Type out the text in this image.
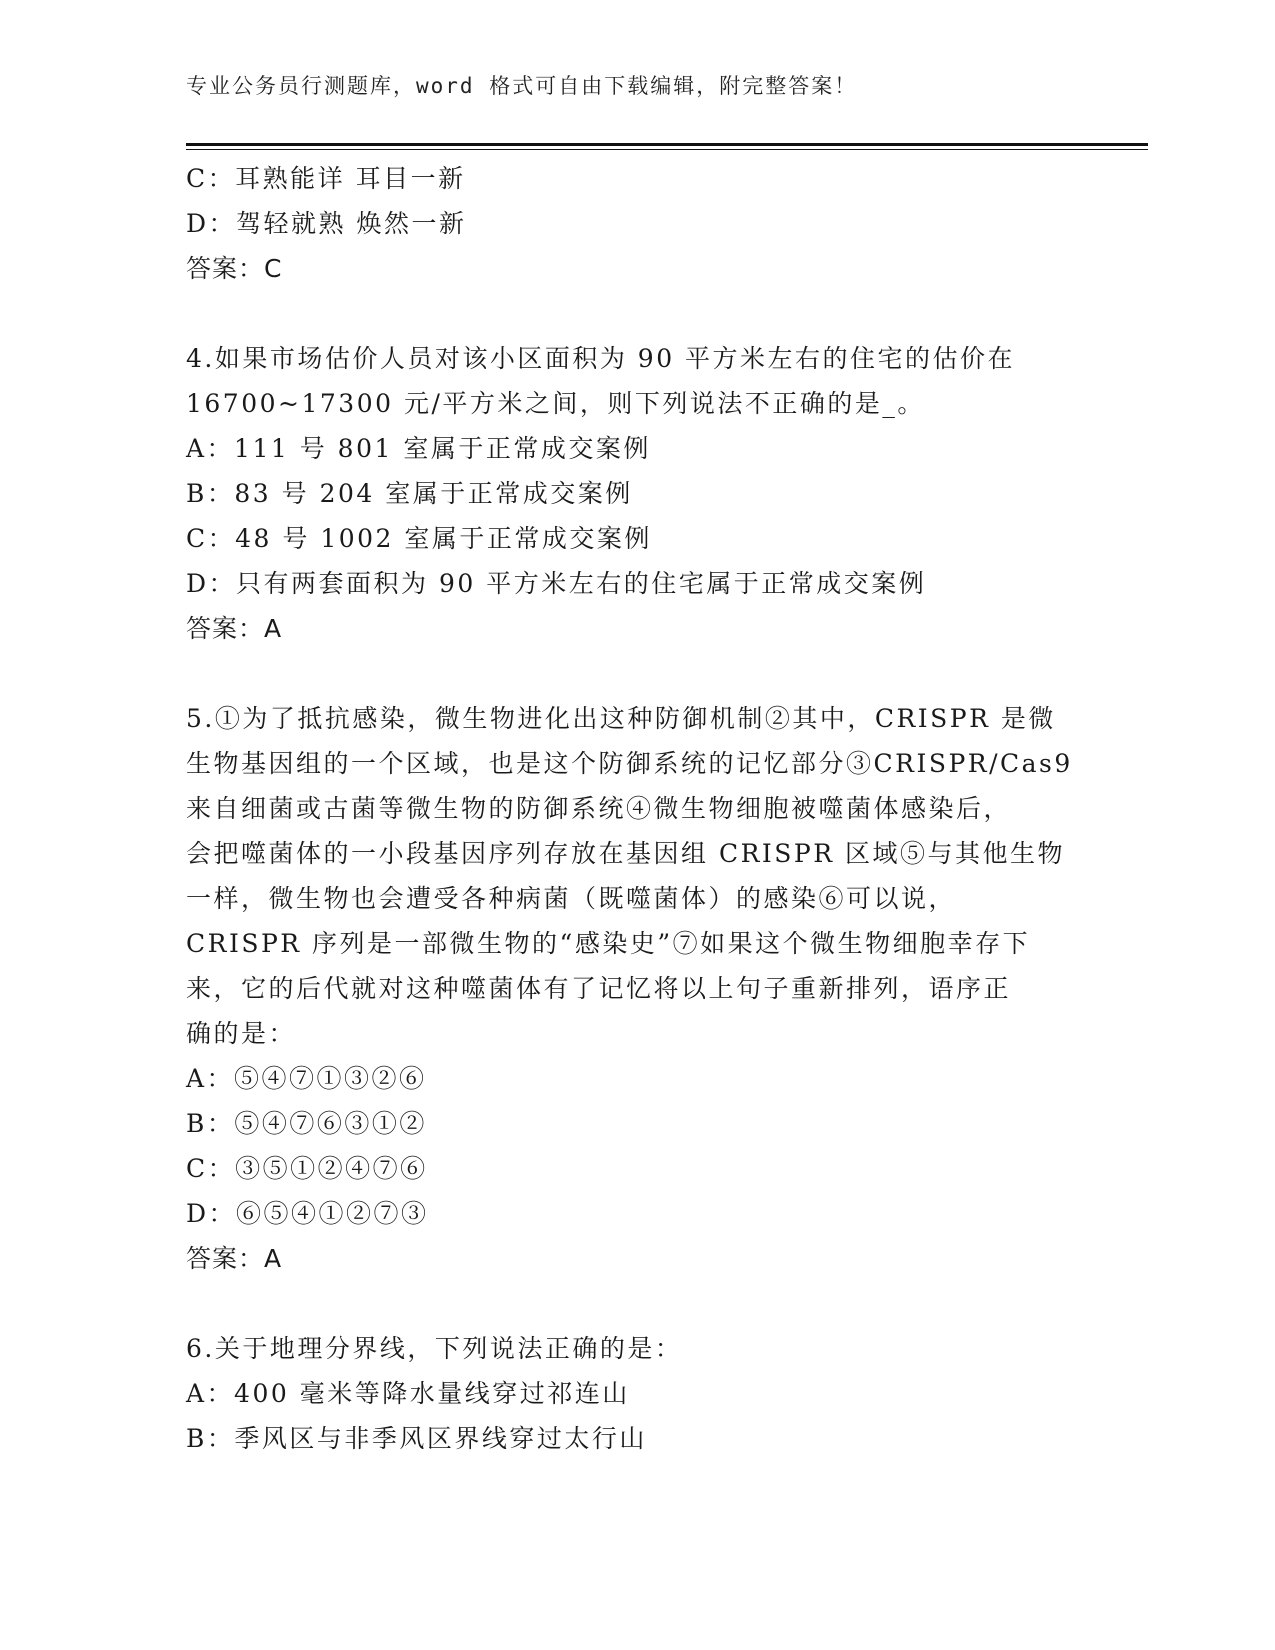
专业公务员行测题库，word 格式可自由下载编辑，附完整答案！
C：耳熟能详 耳目一新
D：驾轻就熟 焕然一新
答案：C
4.如果市场估价人员对该小区面积为 90 平方米左右的住宅的估价在
16700~17300 元/平方米之间，则下列说法不正确的是_。
A：111 号 801 室属于正常成交案例
B：83 号 204 室属于正常成交案例
C：48 号 1002 室属于正常成交案例
D：只有两套面积为 90 平方米左右的住宅属于正常成交案例
答案：A
5.①为了抵抗感染，微生物进化出这种防御机制②其中，CRISPR 是微
生物基因组的一个区域，也是这个防御系统的记忆部分③CRISPR/Cas9
来自细菌或古菌等微生物的防御系统④微生物细胞被噬菌体感染后，
会把噬菌体的一小段基因序列存放在基因组 CRISPR 区域⑤与其他生物
一样，微生物也会遭受各种病菌（既噬菌体）的感染⑥可以说，
CRISPR 序列是一部微生物的“感染史”⑦如果这个微生物细胞幸存下
来，它的后代就对这种噬菌体有了记忆将以上句子重新排列，语序正
确的是：
A：⑤④⑦①③②⑥
B：⑤④⑦⑥③①②
C：③⑤①②④⑦⑥
D：⑥⑤④①②⑦③
答案：A
6.关于地理分界线，下列说法正确的是：
A：400 毫米等降水量线穿过祁连山
B：季风区与非季风区界线穿过太行山
